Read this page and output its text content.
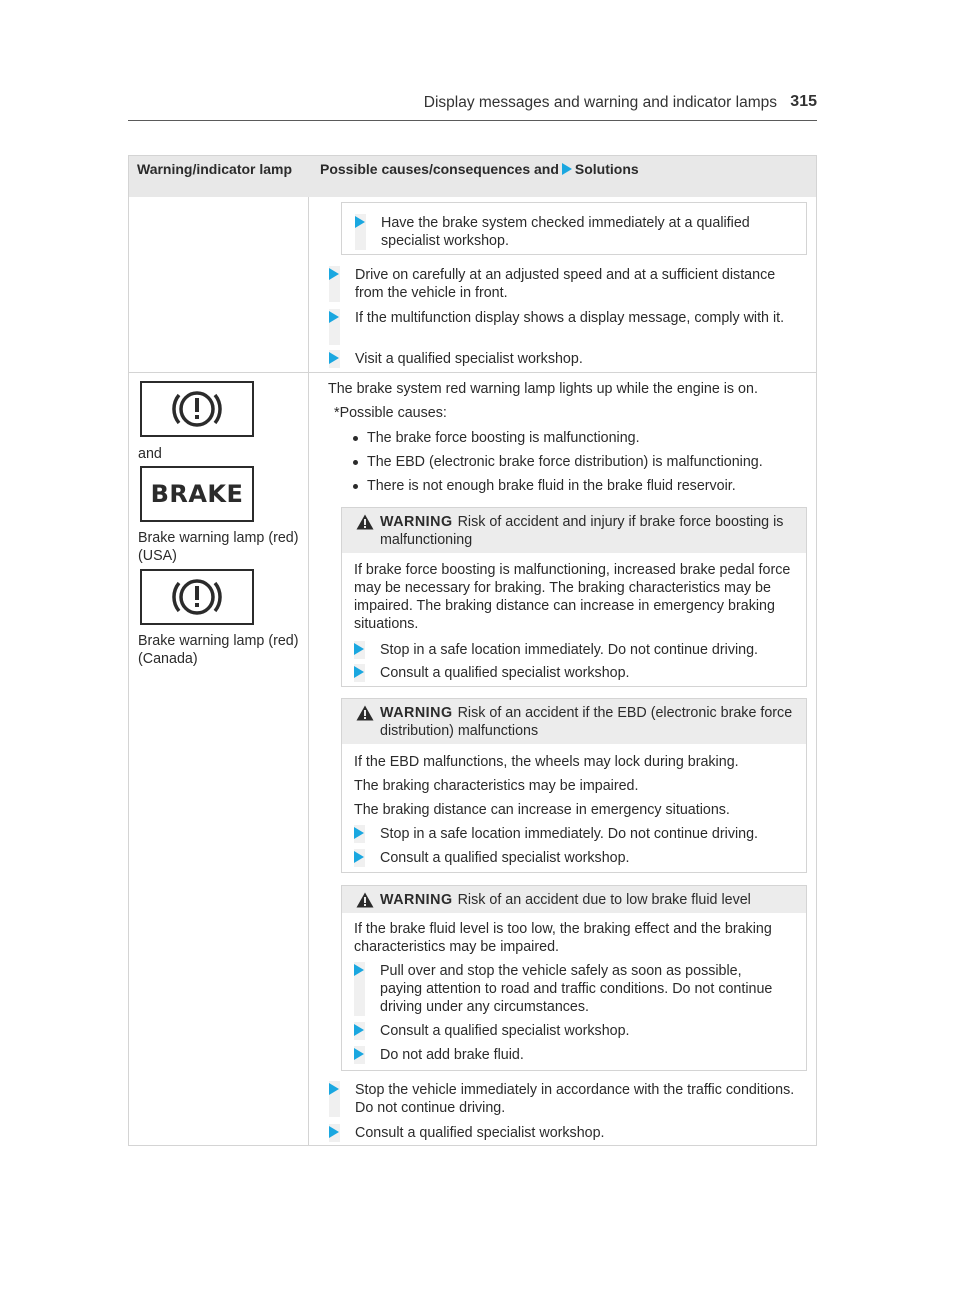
Display messages and warning and indicator lamps 315
Warning/indicator lamp	Possible causes/consequences and Solutions
Have the brake system checked immediately at a qualified specialist workshop.
Drive on carefully at an adjusted speed and at a sufficient distance from the vehicle in front.
If the multifunction display shows a display message, comply with it.
Visit a qualified specialist workshop.
and
BRAKE
Brake warning lamp (red) (USA)
Brake warning lamp (red) (Canada)
The brake system red warning lamp lights up while the engine is on.
*Possible causes:
The brake force boosting is malfunctioning.
The EBD (electronic brake force distribution) is malfunctioning.
There is not enough brake fluid in the brake fluid reservoir.
WARNING Risk of accident and injury if brake force boosting is malfunctioning
If brake force boosting is malfunctioning, increased brake pedal force may be necessary for braking. The braking characteristics may be impaired. The braking distance can increase in emergency braking situations.
Stop in a safe location immediately. Do not continue driving.
Consult a qualified specialist workshop.
WARNING Risk of an accident if the EBD (electronic brake force distribution) malfunctions
If the EBD malfunctions, the wheels may lock during braking.
The braking characteristics may be impaired.
The braking distance can increase in emergency situations.
Stop in a safe location immediately. Do not continue driving.
Consult a qualified specialist workshop.
WARNING Risk of an accident due to low brake fluid level
If the brake fluid level is too low, the braking effect and the braking characteristics may be impaired.
Pull over and stop the vehicle safely as soon as possible, paying attention to road and traffic conditions. Do not continue driving under any circumstances.
Consult a qualified specialist workshop.
Do not add brake fluid.
Stop the vehicle immediately in accordance with the traffic conditions. Do not continue driving.
Consult a qualified specialist workshop.
